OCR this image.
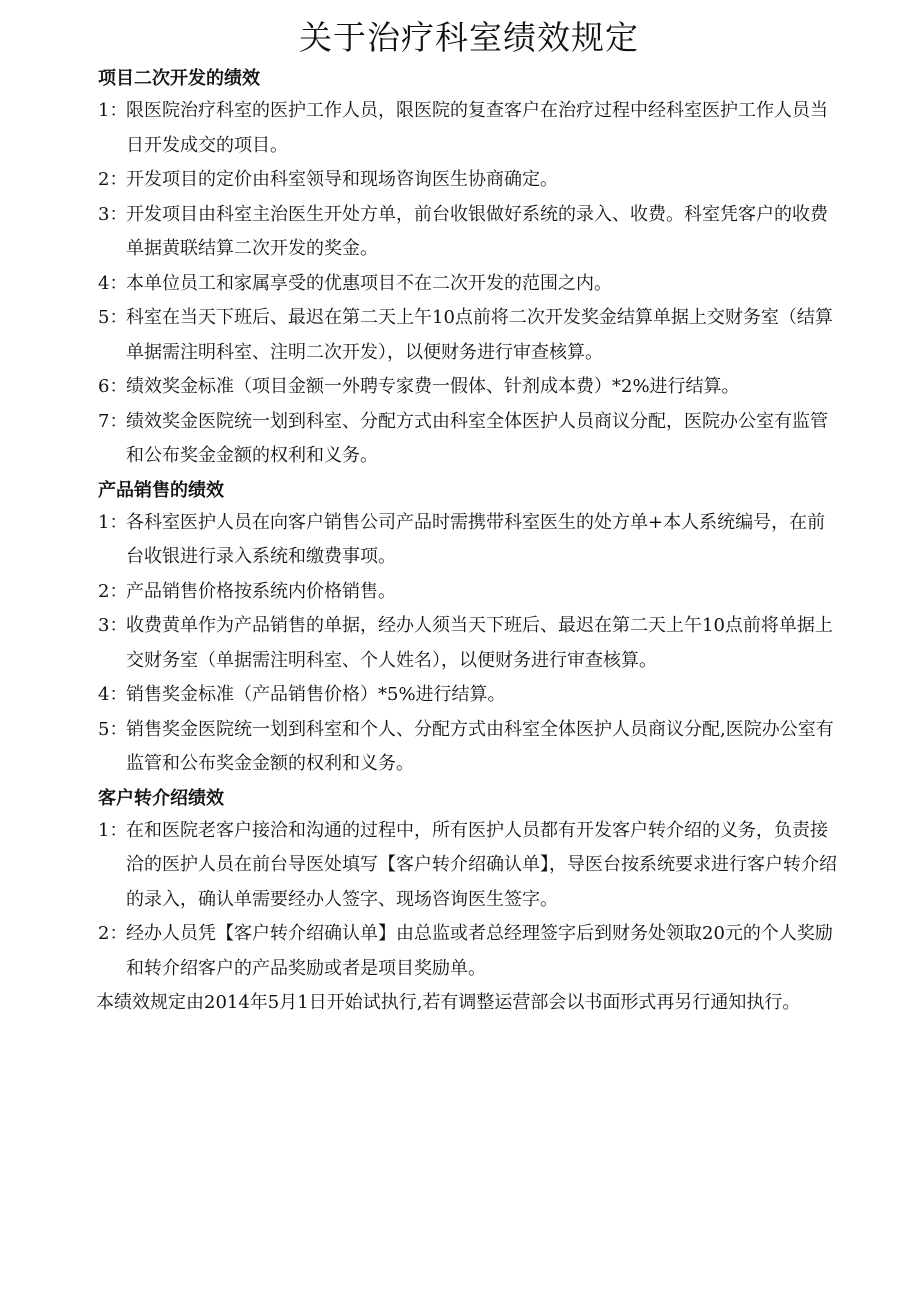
关于治疗科室绩效规定
项目二次开发的绩效
1：限医院治疗科室的医护工作人员，限医院的复查客户在治疗过程中经科室医护工作人员当日开发成交的项目。
2：开发项目的定价由科室领导和现场咨询医生协商确定。
3：开发项目由科室主治医生开处方单，前台收银做好系统的录入、收费。科室凭客户的收费单据黄联结算二次开发的奖金。
4：本单位员工和家属享受的优惠项目不在二次开发的范围之内。
5：科室在当天下班后、最迟在第二天上午10点前将二次开发奖金结算单据上交财务室（结算单据需注明科室、注明二次开发），以便财务进行审查核算。
6：绩效奖金标准（项目金额一外聘专家费一假体、针剂成本费）*2%进行结算。
7：绩效奖金医院统一划到科室、分配方式由科室全体医护人员商议分配，医院办公室有监管和公布奖金金额的权利和义务。
产品销售的绩效
1：各科室医护人员在向客户销售公司产品时需携带科室医生的处方单+本人系统编号，在前台收银进行录入系统和缴费事项。
2：产品销售价格按系统内价格销售。
3：收费黄单作为产品销售的单据，经办人须当天下班后、最迟在第二天上午10点前将单据上交财务室（单据需注明科室、个人姓名），以便财务进行审查核算。
4：销售奖金标准（产品销售价格）*5%进行结算。
5：销售奖金医院统一划到科室和个人、分配方式由科室全体医护人员商议分配,医院办公室有监管和公布奖金金额的权利和义务。
客户转介绍绩效
1：在和医院老客户接洽和沟通的过程中，所有医护人员都有开发客户转介绍的义务，负责接洽的医护人员在前台导医处填写【客户转介绍确认单】，导医台按系统要求进行客户转介绍的录入，确认单需要经办人签字、现场咨询医生签字。
2：经办人员凭【客户转介绍确认单】由总监或者总经理签字后到财务处领取20元的个人奖励和转介绍客户的产品奖励或者是项目奖励单。

本绩效规定由2014年5月1日开始试执行,若有调整运营部会以书面形式再另行通知执行。
